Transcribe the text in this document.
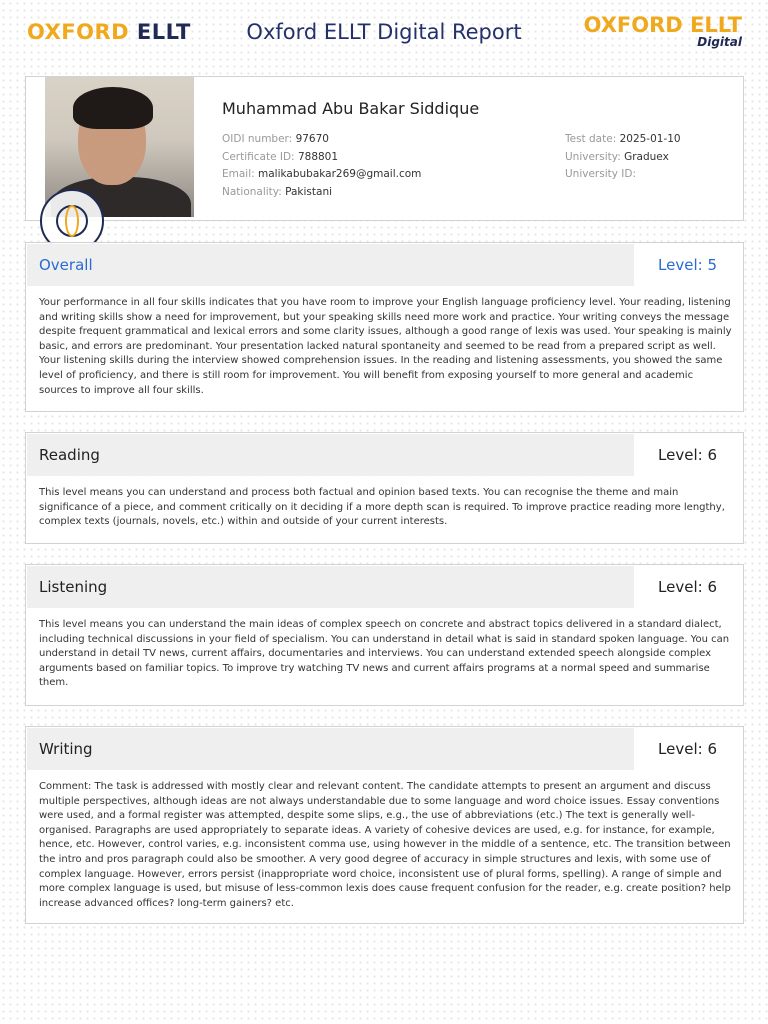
OXFORD ELLT	Oxford ELLT Digital Report	OXFORD ELLT
Digital
Muhammad Abu Bakar Siddique
OIDI number: 97670
Certificate ID: 788801
Email: malikabubakar269@gmail.com
Nationality: Pakistani
Test date: 2025-01-10
University: Graduex
University ID:
Overall	Level: 5
Your performance in all four skills indicates that you have room to improve your English language proficiency level. Your reading, listening and writing skills show a need for improvement, but your speaking skills need more work and practice. Your writing conveys the message despite frequent grammatical and lexical errors and some clarity issues, although a good range of lexis was used. Your speaking is mainly basic, and errors are predominant. Your presentation lacked natural spontaneity and seemed to be read from a prepared script as well. Your listening skills during the interview showed comprehension issues. In the reading and listening assessments, you showed the same level of proficiency, and there is still room for improvement. You will benefit from exposing yourself to more general and academic sources to improve all four skills.
Reading	Level: 6
This level means you can understand and process both factual and opinion based texts. You can recognise the theme and main significance of a piece, and comment critically on it deciding if a more depth scan is required. To improve practice reading more lengthy, complex texts (journals, novels, etc.) within and outside of your current interests.
Listening	Level: 6
This level means you can understand the main ideas of complex speech on concrete and abstract topics delivered in a standard dialect, including technical discussions in your field of specialism. You can understand in detail what is said in standard spoken language. You can understand in detail TV news, current affairs, documentaries and interviews. You can understand extended speech alongside complex arguments based on familiar topics. To improve try watching TV news and current affairs programs at a normal speed and summarise them.
Writing	Level: 6
Comment: The task is addressed with mostly clear and relevant content. The candidate attempts to present an argument and discuss multiple perspectives, although ideas are not always understandable due to some language and word choice issues. Essay conventions were used, and a formal register was attempted, despite some slips, e.g., the use of abbreviations (etc.) The text is generally well-organised. Paragraphs are used appropriately to separate ideas. A variety of cohesive devices are used, e.g. for instance, for example, hence, etc. However, control varies, e.g. inconsistent comma use, using however in the middle of a sentence, etc. The transition between the intro and pros paragraph could also be smoother. A very good degree of accuracy in simple structures and lexis, with some use of complex language. However, errors persist (inappropriate word choice, inconsistent use of plural forms, spelling). A range of simple and more complex language is used, but misuse of less-common lexis does cause frequent confusion for the reader, e.g. create position? help increase advanced offices? long-term gainers? etc.
